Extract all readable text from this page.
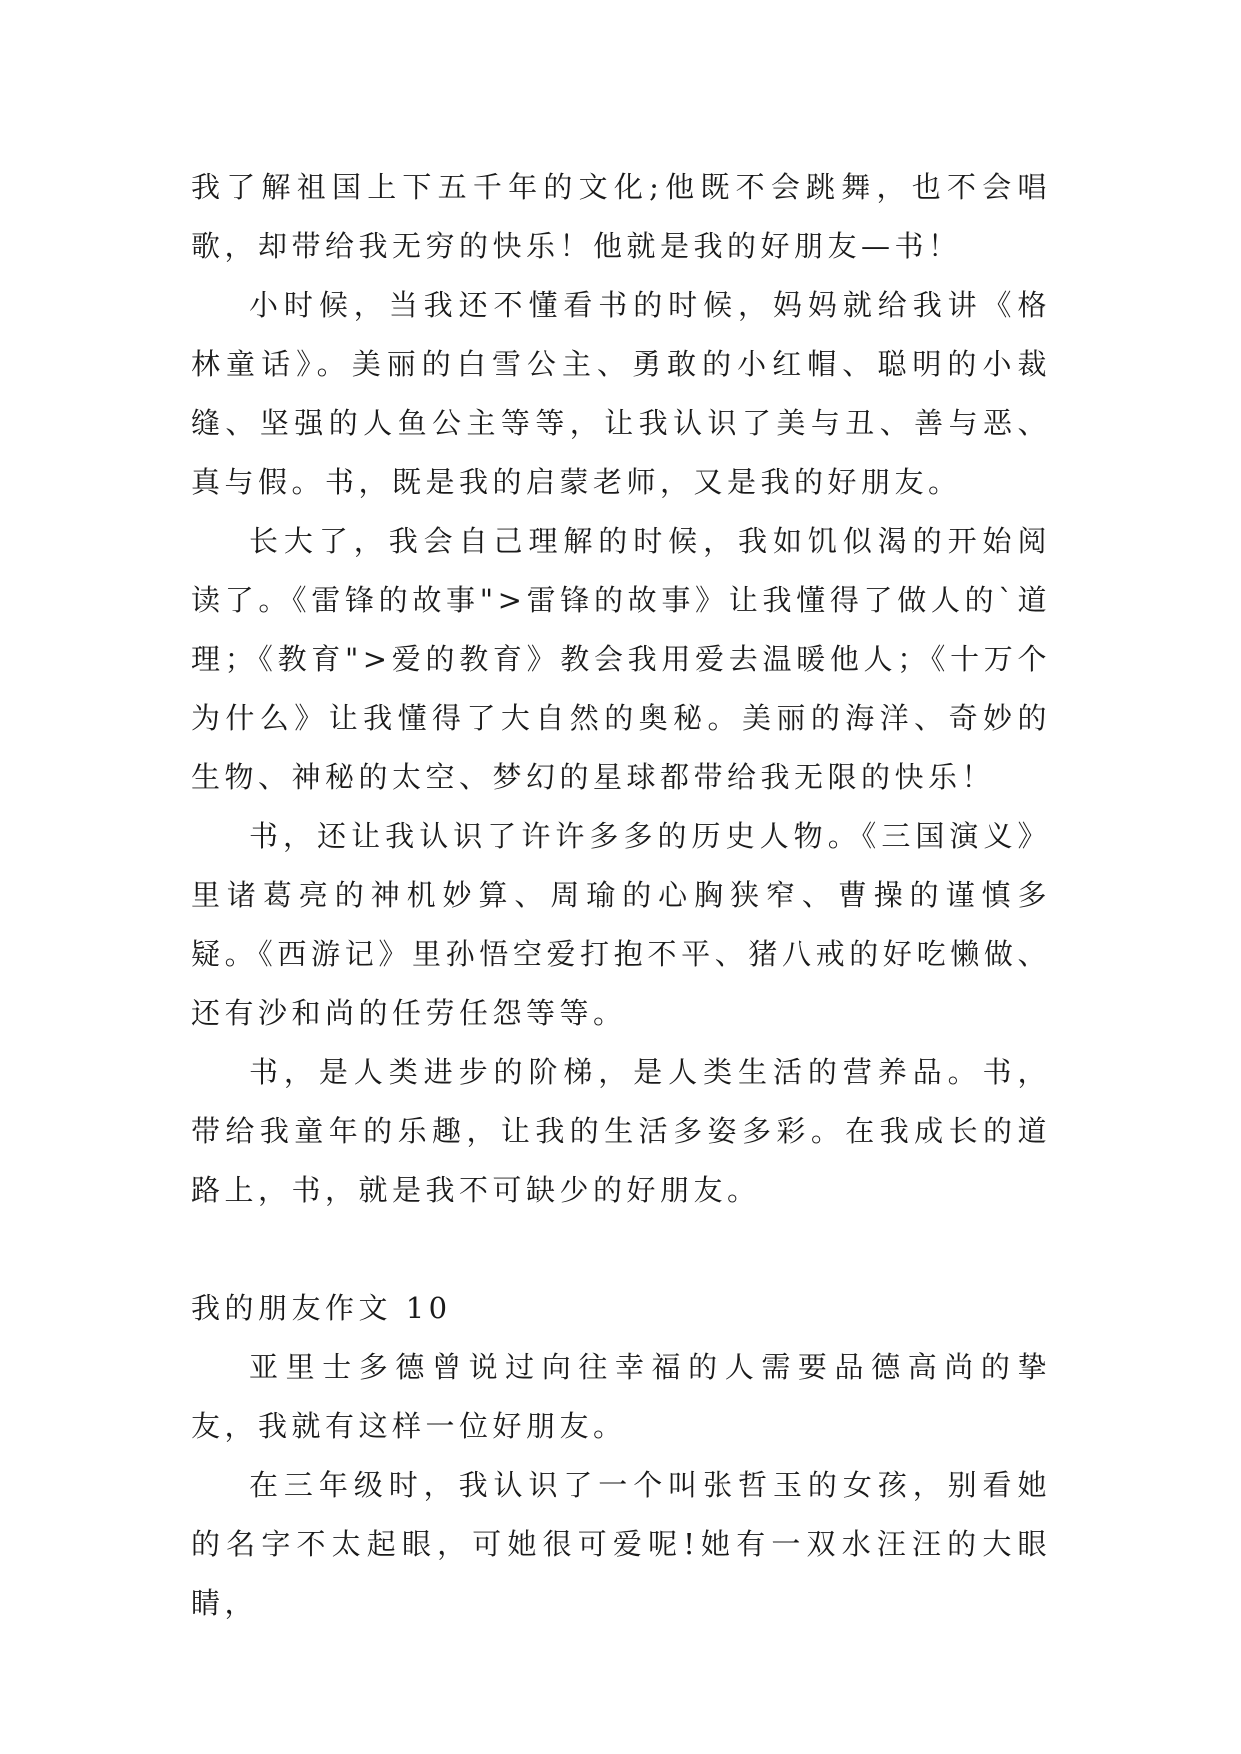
我了解祖国上下五千年的文化;他既不会跳舞，也不会唱歌，却带给我无穷的快乐！他就是我的好朋友—书！

小时候，当我还不懂看书的时候，妈妈就给我讲《格林童话》。美丽的白雪公主、勇敢的小红帽、聪明的小裁缝、坚强的人鱼公主等等，让我认识了美与丑、善与恶、真与假。书，既是我的启蒙老师，又是我的好朋友。

长大了，我会自己理解的时候，我如饥似渴的开始阅读了。《雷锋的故事">雷锋的故事》让我懂得了做人的`道理；《教育">爱的教育》教会我用爱去温暖他人；《十万个为什么》让我懂得了大自然的奥秘。美丽的海洋、奇妙的生物、神秘的太空、梦幻的星球都带给我无限的快乐！

书，还让我认识了许许多多的历史人物。《三国演义》里诸葛亮的神机妙算、周瑜的心胸狭窄、曹操的谨慎多疑。《西游记》里孙悟空爱打抱不平、猪八戒的好吃懒做、还有沙和尚的任劳任怨等等。

书，是人类进步的阶梯，是人类生活的营养品。书，带给我童年的乐趣，让我的生活多姿多彩。在我成长的道路上，书，就是我不可缺少的好朋友。

我的朋友作文 10

亚里士多德曾说过向往幸福的人需要品德高尚的挚友，我就有这样一位好朋友。

在三年级时，我认识了一个叫张哲玉的女孩，别看她的名字不太起眼，可她很可爱呢!她有一双水汪汪的大眼睛，
